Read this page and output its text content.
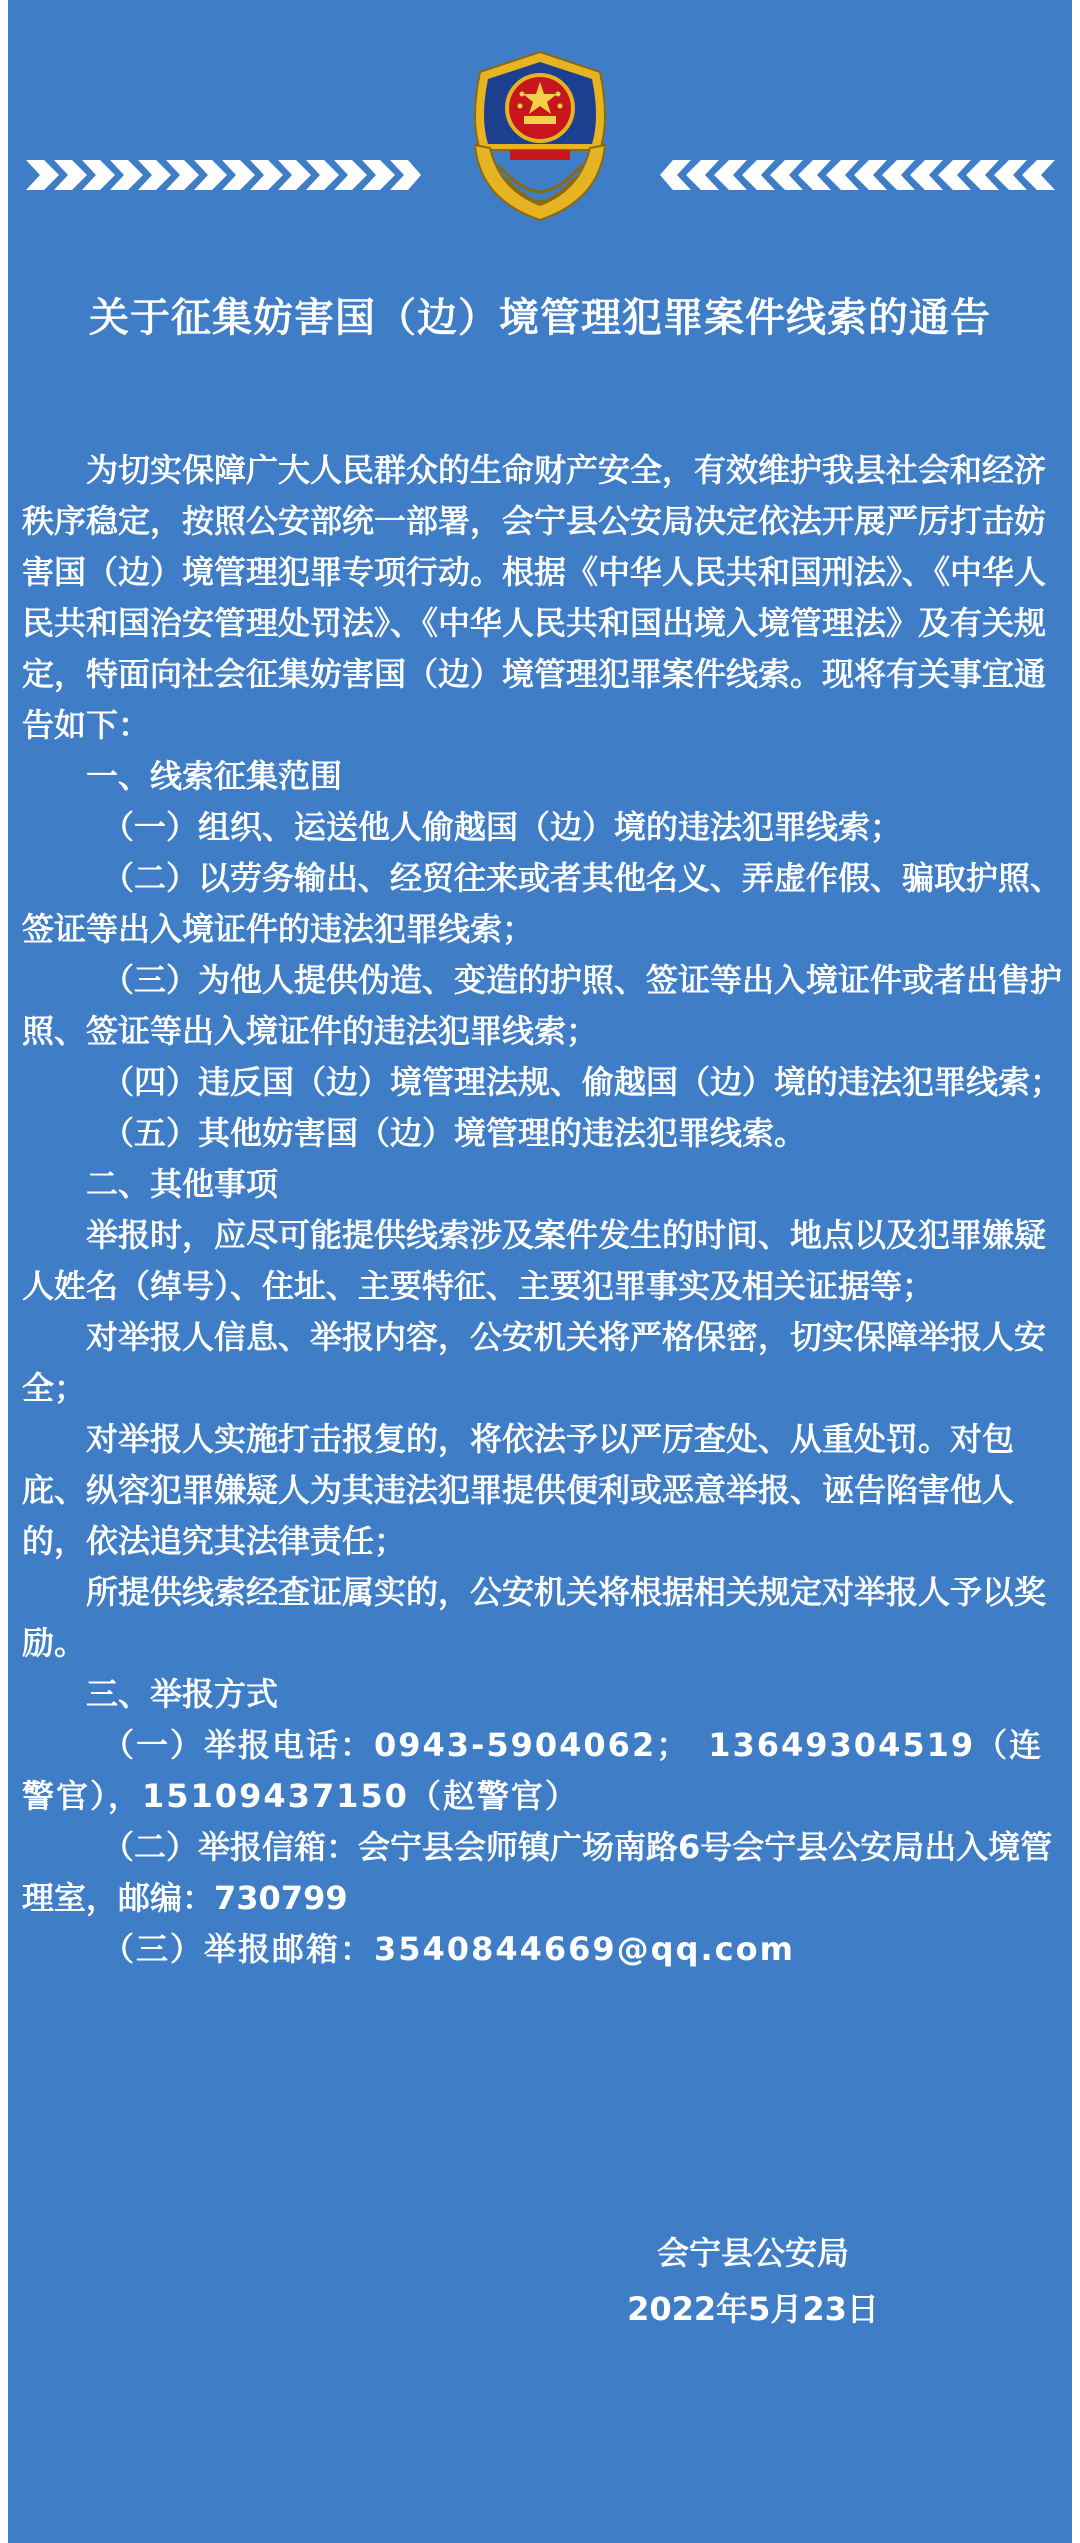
关于征集妨害国（边）境管理犯罪案件线索的通告

为切实保障广大人民群众的生命财产安全，有效维护我县社会和经济秩序稳定，按照公安部统一部署，会宁县公安局决定依法开展严厉打击妨害国（边）境管理犯罪专项行动。根据《中华人民共和国刑法》、《中华人民共和国治安管理处罚法》、《中华人民共和国出境入境管理法》及有关规定，特面向社会征集妨害国（边）境管理犯罪案件线索。现将有关事宜通告如下：

一、线索征集范围

（一）组织、运送他人偷越国（边）境的违法犯罪线索；

（二）以劳务输出、经贸往来或者其他名义、弄虚作假、骗取护照、签证等出入境证件的违法犯罪线索；

（三）为他人提供伪造、变造的护照、签证等出入境证件或者出售护照、签证等出入境证件的违法犯罪线索；

（四）违反国（边）境管理法规、偷越国（边）境的违法犯罪线索；

（五）其他妨害国（边）境管理的违法犯罪线索。

二、其他事项

举报时，应尽可能提供线索涉及案件发生的时间、地点以及犯罪嫌疑人姓名（绰号）、住址、主要特征、主要犯罪事实及相关证据等；

对举报人信息、举报内容，公安机关将严格保密，切实保障举报人安全；

对举报人实施打击报复的，将依法予以严厉查处、从重处罚。对包庇、纵容犯罪嫌疑人为其违法犯罪提供便利或恶意举报、诬告陷害他人的，依法追究其法律责任；

所提供线索经查证属实的，公安机关将根据相关规定对举报人予以奖励。

三、举报方式

（一）举报电话：0943-5904062；　13649304519（连警官），15109437150（赵警官）

（二）举报信箱：会宁县会师镇广场南路6号会宁县公安局出入境管理室，邮编：730799

（三）举报邮箱：3540844669@qq.com

会宁县公安局
2022年5月23日
